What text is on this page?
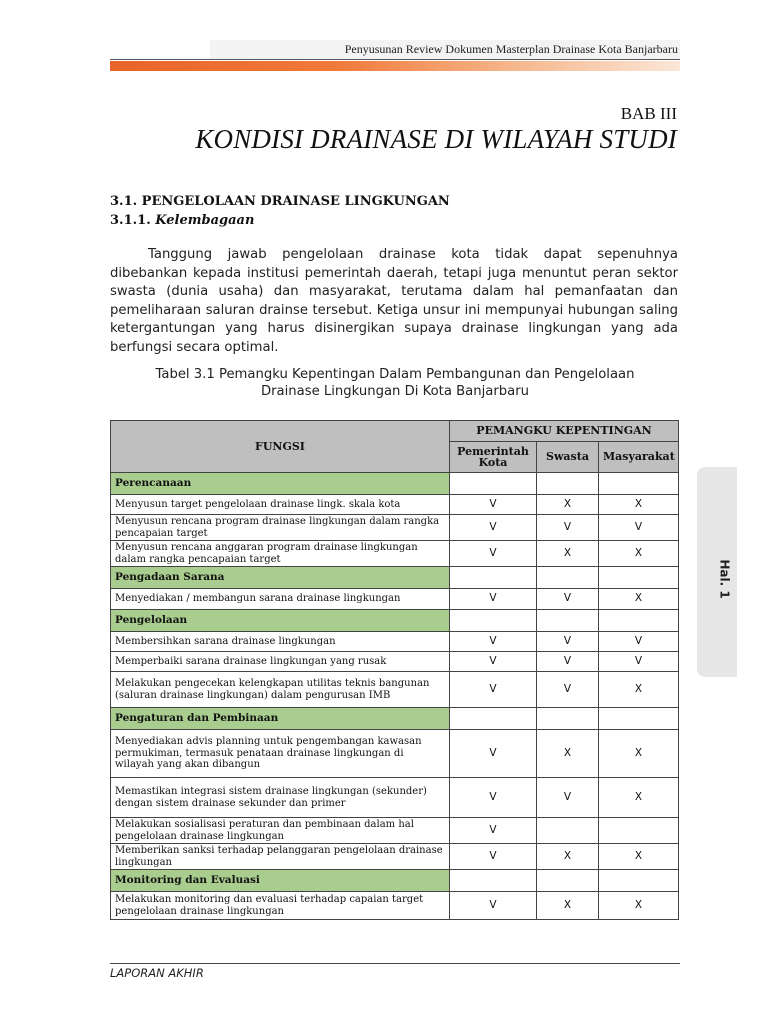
Penyusunan Review Dokumen Masterplan Drainase Kota Banjarbaru
BAB III
KONDISI DRAINASE DI WILAYAH STUDI
3.1. PENGELOLAAN DRAINASE LINGKUNGAN
3.1.1. Kelembagaan
Tanggung jawab pengelolaan drainase kota tidak dapat sepenuhnya dibebankan kepada institusi pemerintah daerah, tetapi juga menuntut peran sektor swasta (dunia usaha) dan masyarakat, terutama dalam hal pemanfaatan dan pemeliharaan saluran drainse tersebut. Ketiga unsur ini mempunyai hubungan saling ketergantungan yang harus disinergikan supaya drainase lingkungan yang ada berfungsi secara optimal.
Tabel 3.1 Pemangku Kepentingan Dalam Pembangunan dan Pengelolaan
Drainase Lingkungan Di Kota Banjarbaru
FUNGSI	PEMANGKU KEPENTINGAN		
	Pemerintah Kota	Swasta	Masyarakat
Perencanaan			
Menyusun target pengelolaan drainase lingk. skala kota	V	X	X
Menyusun rencana program drainase lingkungan dalam rangka pencapaian target	V	V	V
Menyusun rencana anggaran program drainase lingkungan dalam rangka pencapaian target	V	X	X
Pengadaan Sarana			
Menyediakan / membangun sarana drainase lingkungan	V	V	X
Pengelolaan			
Membersihkan sarana drainase lingkungan	V	V	V
Memperbaiki sarana drainase lingkungan yang rusak	V	V	V
Melakukan pengecekan kelengkapan utilitas teknis bangunan (saluran drainase lingkungan) dalam pengurusan IMB	V	V	X
Pengaturan dan Pembinaan			
Menyediakan advis planning untuk pengembangan kawasan permukiman, termasuk penataan drainase lingkungan di wilayah yang akan dibangun	V	X	X
Memastikan integrasi sistem drainase lingkungan (sekunder) dengan sistem drainase sekunder dan primer	V	V	X
Melakukan sosialisasi peraturan dan pembinaan dalam hal pengelolaan drainase lingkungan	V		
Memberikan sanksi terhadap pelanggaran pengelolaan drainase lingkungan	V	X	X
Monitoring dan Evaluasi			
Melakukan monitoring dan evaluasi terhadap capaian target pengelolaan drainase lingkungan	V	X	X
Hal. 1
LAPORAN AKHIR
